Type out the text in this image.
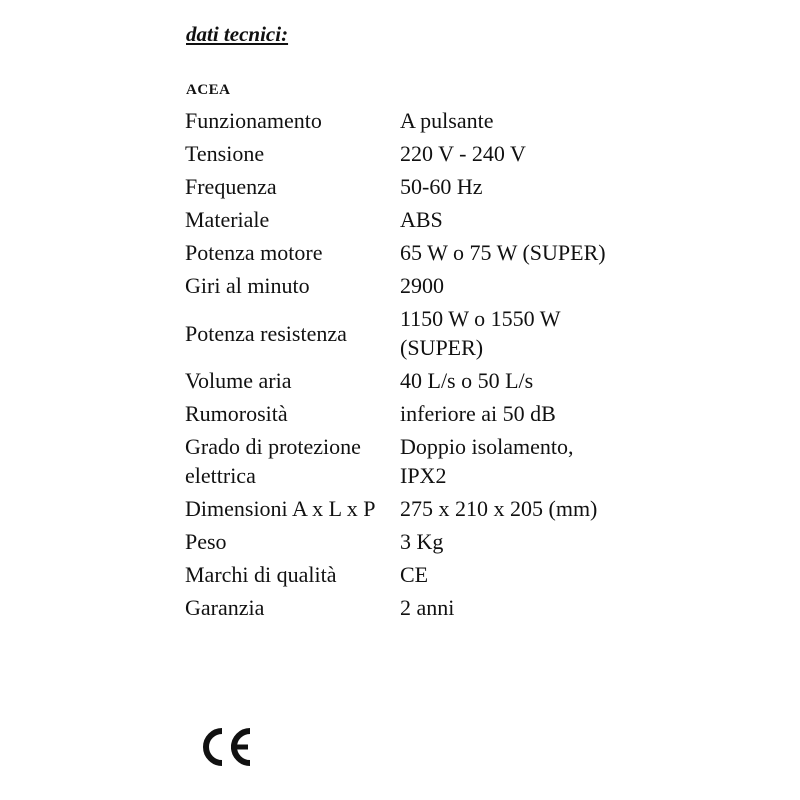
dati tecnici:
ACEA
Funzionamento	A pulsante
Tensione	220 V - 240 V
Frequenza	50-60 Hz
Materiale	ABS
Potenza motore	65 W o 75 W (SUPER)
Giri al minuto	2900
Potenza resistenza	1150 W o 1550 W (SUPER)
Volume aria	40 L/s o 50 L/s
Rumorosità	inferiore ai 50 dB
Grado di protezione elettrica	Doppio isolamento, IPX2
Dimensioni A x L x P	275 x 210 x 205 (mm)
Peso	3 Kg
Marchi di qualità	CE
Garanzia	2 anni
